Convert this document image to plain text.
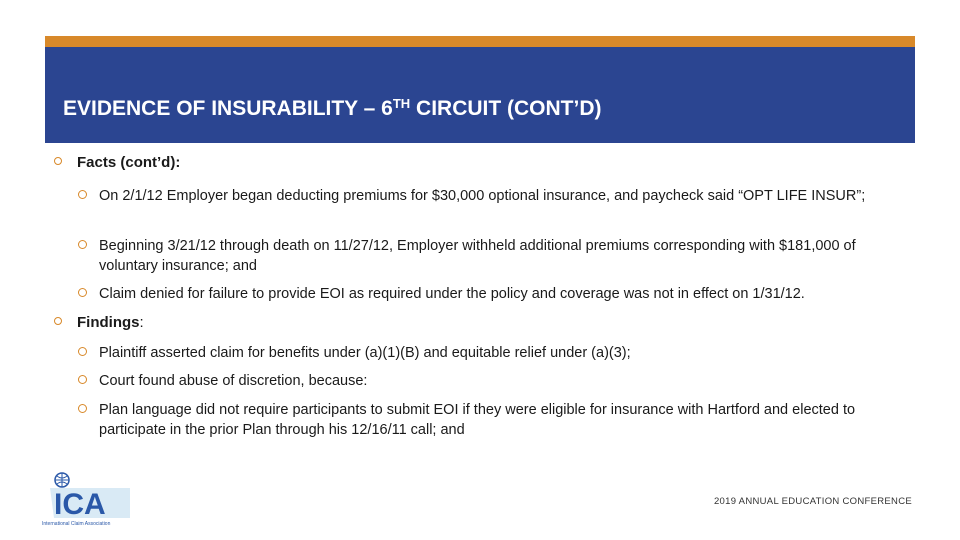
EVIDENCE OF INSURABILITY – 6TH CIRCUIT (CONT’D)
Facts (cont’d):
On 2/1/12 Employer began deducting premiums for $30,000 optional insurance, and paycheck said “OPT LIFE INSUR”;
Beginning 3/21/12 through death on 11/27/12, Employer withheld additional premiums corresponding with $181,000 of voluntary insurance; and
Claim denied for failure to provide EOI as required under the policy and coverage was not in effect on 1/31/12.
Findings:
Plaintiff asserted claim for benefits under (a)(1)(B) and equitable relief under (a)(3);
Court found abuse of discretion, because:
Plan language did not require participants to submit EOI if they were eligible for insurance with Hartford and elected to participate in the prior Plan through his 12/16/11 call; and
ICA
International Claim Association
2019 ANNUAL EDUCATION CONFERENCE
